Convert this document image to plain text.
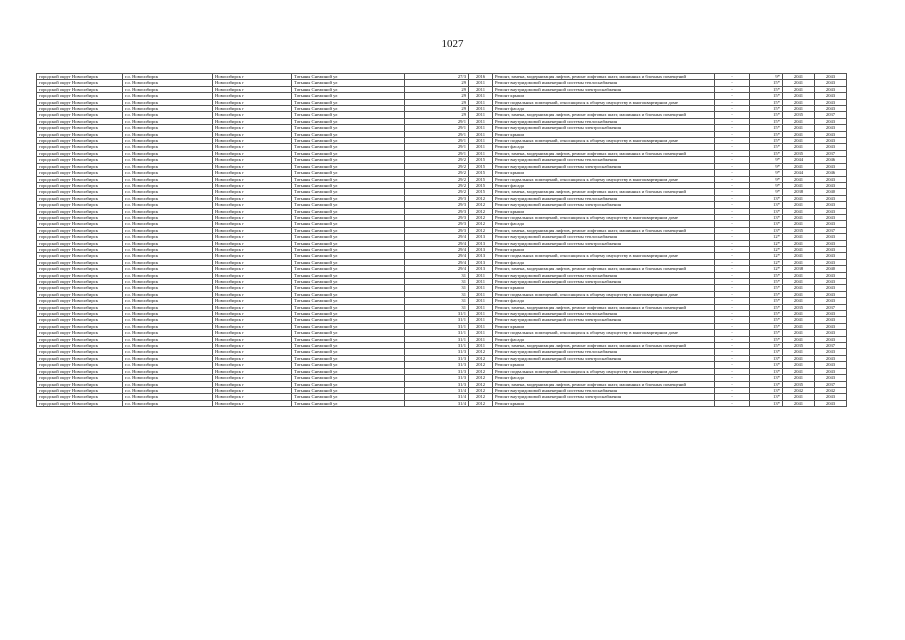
1027
городской округ Новосибирск	г.о. Новосибирск	Новосибирск г	Татьяны Снежиной ул	27/3	2016	Ремонт, замена, модернизация лифтов, ремонт лифтовых шахт, машинных и блочных помещений	-	9*	2041	2043
городской округ Новосибирск	г.о. Новосибирск	Новосибирск г	Татьяны Снежиной ул	29	2011	Ремонт внутридомовой инженерной системы теплоснабжения	-	15*	2041	2043
городской округ Новосибирск	г.о. Новосибирск	Новосибирск г	Татьяны Снежиной ул	29	2011	Ремонт внутридомовой инженерной системы электроснабжения	-	15*	2041	2043
городской округ Новосибирск	г.о. Новосибирск	Новосибирск г	Татьяны Снежиной ул	29	2011	Ремонт крыши	-	15*	2041	2043
городской округ Новосибирск	г.о. Новосибирск	Новосибирск г	Татьяны Снежиной ул	29	2011	Ремонт подвальных помещений, относящихся к общему имуществу в многоквартирном доме	-	15*	2041	2043
городской округ Новосибирск	г.о. Новосибирск	Новосибирск г	Татьяны Снежиной ул	29	2011	Ремонт фасада	-	15*	2041	2043
городской округ Новосибирск	г.о. Новосибирск	Новосибирск г	Татьяны Снежиной ул	29	2011	Ремонт, замена, модернизация лифтов, ремонт лифтовых шахт, машинных и блочных помещений	-	15*	2035	2037
городской округ Новосибирск	г.о. Новосибирск	Новосибирск г	Татьяны Снежиной ул	29/1	2011	Ремонт внутридомовой инженерной системы теплоснабжения	-	15*	2041	2043
городской округ Новосибирск	г.о. Новосибирск	Новосибирск г	Татьяны Снежиной ул	29/1	2011	Ремонт внутридомовой инженерной системы электроснабжения	-	15*	2041	2043
городской округ Новосибирск	г.о. Новосибирск	Новосибирск г	Татьяны Снежиной ул	29/1	2011	Ремонт крыши	-	15*	2041	2043
городской округ Новосибирск	г.о. Новосибирск	Новосибирск г	Татьяны Снежиной ул	29/1	2011	Ремонт подвальных помещений, относящихся к общему имуществу в многоквартирном доме	-	15*	2041	2043
городской округ Новосибирск	г.о. Новосибирск	Новосибирск г	Татьяны Снежиной ул	29/1	2011	Ремонт фасада	-	15*	2041	2043
городской округ Новосибирск	г.о. Новосибирск	Новосибирск г	Татьяны Снежиной ул	29/1	2011	Ремонт, замена, модернизация лифтов, ремонт лифтовых шахт, машинных и блочных помещений	-	15*	2035	2037
городской округ Новосибирск	г.о. Новосибирск	Новосибирск г	Татьяны Снежиной ул	29/2	2015	Ремонт внутридомовой инженерной системы теплоснабжения	-	9*	2044	2046
городской округ Новосибирск	г.о. Новосибирск	Новосибирск г	Татьяны Снежиной ул	29/2	2015	Ремонт внутридомовой инженерной системы электроснабжения	-	9*	2041	2043
городской округ Новосибирск	г.о. Новосибирск	Новосибирск г	Татьяны Снежиной ул	29/2	2015	Ремонт крыши	-	9*	2044	2046
городской округ Новосибирск	г.о. Новосибирск	Новосибирск г	Татьяны Снежиной ул	29/2	2015	Ремонт подвальных помещений, относящихся к общему имуществу в многоквартирном доме	-	9*	2041	2043
городской округ Новосибирск	г.о. Новосибирск	Новосибирск г	Татьяны Снежиной ул	29/2	2015	Ремонт фасада	-	9*	2041	2043
городской округ Новосибирск	г.о. Новосибирск	Новосибирск г	Татьяны Снежиной ул	29/2	2015	Ремонт, замена, модернизация лифтов, ремонт лифтовых шахт, машинных и блочных помещений	-	9*	2038	2040
городской округ Новосибирск	г.о. Новосибирск	Новосибирск г	Татьяны Снежиной ул	29/3	2012	Ремонт внутридомовой инженерной системы теплоснабжения	-	13*	2041	2043
городской округ Новосибирск	г.о. Новосибирск	Новосибирск г	Татьяны Снежиной ул	29/3	2012	Ремонт внутридомовой инженерной системы электроснабжения	-	13*	2041	2043
городской округ Новосибирск	г.о. Новосибирск	Новосибирск г	Татьяны Снежиной ул	29/3	2012	Ремонт крыши	-	13*	2041	2043
городской округ Новосибирск	г.о. Новосибирск	Новосибирск г	Татьяны Снежиной ул	29/3	2012	Ремонт подвальных помещений, относящихся к общему имуществу в многоквартирном доме	-	13*	2041	2043
городской округ Новосибирск	г.о. Новосибирск	Новосибирск г	Татьяны Снежиной ул	29/3	2012	Ремонт фасада	-	13*	2041	2043
городской округ Новосибирск	г.о. Новосибирск	Новосибирск г	Татьяны Снежиной ул	29/3	2012	Ремонт, замена, модернизация лифтов, ремонт лифтовых шахт, машинных и блочных помещений	-	13*	2035	2037
городской округ Новосибирск	г.о. Новосибирск	Новосибирск г	Татьяны Снежиной ул	29/4	2013	Ремонт внутридомовой инженерной системы теплоснабжения	-	12*	2041	2043
городской округ Новосибирск	г.о. Новосибирск	Новосибирск г	Татьяны Снежиной ул	29/4	2013	Ремонт внутридомовой инженерной системы электроснабжения	-	12*	2041	2043
городской округ Новосибирск	г.о. Новосибирск	Новосибирск г	Татьяны Снежиной ул	29/4	2013	Ремонт крыши	-	12*	2041	2043
городской округ Новосибирск	г.о. Новосибирск	Новосибирск г	Татьяны Снежиной ул	29/4	2013	Ремонт подвальных помещений, относящихся к общему имуществу в многоквартирном доме	-	12*	2041	2043
городской округ Новосибирск	г.о. Новосибирск	Новосибирск г	Татьяны Снежиной ул	29/4	2013	Ремонт фасада	-	12*	2041	2043
городской округ Новосибирск	г.о. Новосибирск	Новосибирск г	Татьяны Снежиной ул	29/4	2013	Ремонт, замена, модернизация лифтов, ремонт лифтовых шахт, машинных и блочных помещений	-	12*	2038	2040
городской округ Новосибирск	г.о. Новосибирск	Новосибирск г	Татьяны Снежиной ул	31	2011	Ремонт внутридомовой инженерной системы теплоснабжения	-	15*	2041	2043
городской округ Новосибирск	г.о. Новосибирск	Новосибирск г	Татьяны Снежиной ул	31	2011	Ремонт внутридомовой инженерной системы электроснабжения	-	15*	2041	2043
городской округ Новосибирск	г.о. Новосибирск	Новосибирск г	Татьяны Снежиной ул	31	2011	Ремонт крыши	-	15*	2041	2043
городской округ Новосибирск	г.о. Новосибирск	Новосибирск г	Татьяны Снежиной ул	31	2011	Ремонт подвальных помещений, относящихся к общему имуществу в многоквартирном доме	-	15*	2041	2043
городской округ Новосибирск	г.о. Новосибирск	Новосибирск г	Татьяны Снежиной ул	31	2011	Ремонт фасада	-	15*	2041	2043
городской округ Новосибирск	г.о. Новосибирск	Новосибирск г	Татьяны Снежиной ул	31	2011	Ремонт, замена, модернизация лифтов, ремонт лифтовых шахт, машинных и блочных помещений	-	15*	2035	2037
городской округ Новосибирск	г.о. Новосибирск	Новосибирск г	Татьяны Снежиной ул	31/1	2011	Ремонт внутридомовой инженерной системы теплоснабжения	-	15*	2041	2043
городской округ Новосибирск	г.о. Новосибирск	Новосибирск г	Татьяны Снежиной ул	31/1	2011	Ремонт внутридомовой инженерной системы электроснабжения	-	15*	2041	2043
городской округ Новосибирск	г.о. Новосибирск	Новосибирск г	Татьяны Снежиной ул	31/1	2011	Ремонт крыши	-	15*	2041	2043
городской округ Новосибирск	г.о. Новосибирск	Новосибирск г	Татьяны Снежиной ул	31/1	2011	Ремонт подвальных помещений, относящихся к общему имуществу в многоквартирном доме	-	15*	2041	2043
городской округ Новосибирск	г.о. Новосибирск	Новосибирск г	Татьяны Снежиной ул	31/1	2011	Ремонт фасада	-	15*	2041	2043
городской округ Новосибирск	г.о. Новосибирск	Новосибирск г	Татьяны Снежиной ул	31/1	2011	Ремонт, замена, модернизация лифтов, ремонт лифтовых шахт, машинных и блочных помещений	-	15*	2035	2037
городской округ Новосибирск	г.о. Новосибирск	Новосибирск г	Татьяны Снежиной ул	31/3	2012	Ремонт внутридомовой инженерной системы теплоснабжения	-	13*	2041	2043
городской округ Новосибирск	г.о. Новосибирск	Новосибирск г	Татьяны Снежиной ул	31/3	2012	Ремонт внутридомовой инженерной системы электроснабжения	-	13*	2041	2043
городской округ Новосибирск	г.о. Новосибирск	Новосибирск г	Татьяны Снежиной ул	31/3	2012	Ремонт крыши	-	13*	2041	2043
городской округ Новосибирск	г.о. Новосибирск	Новосибирск г	Татьяны Снежиной ул	31/3	2012	Ремонт подвальных помещений, относящихся к общему имуществу в многоквартирном доме	-	13*	2041	2043
городской округ Новосибирск	г.о. Новосибирск	Новосибирск г	Татьяны Снежиной ул	31/3	2012	Ремонт фасада	-	13*	2041	2043
городской округ Новосибирск	г.о. Новосибирск	Новосибирск г	Татьяны Снежиной ул	31/3	2012	Ремонт, замена, модернизация лифтов, ремонт лифтовых шахт, машинных и блочных помещений	-	13*	2035	2037
городской округ Новосибирск	г.о. Новосибирск	Новосибирск г	Татьяны Снежиной ул	31/4	2012	Ремонт внутридомовой инженерной системы теплоснабжения	-	13*	2042	2042
городской округ Новосибирск	г.о. Новосибирск	Новосибирск г	Татьяны Снежиной ул	31/4	2012	Ремонт внутридомовой инженерной системы электроснабжения	-	13*	2041	2043
городской округ Новосибирск	г.о. Новосибирск	Новосибирск г	Татьяны Снежиной ул	31/4	2012	Ремонт крыши	-	13*	2041	2043
